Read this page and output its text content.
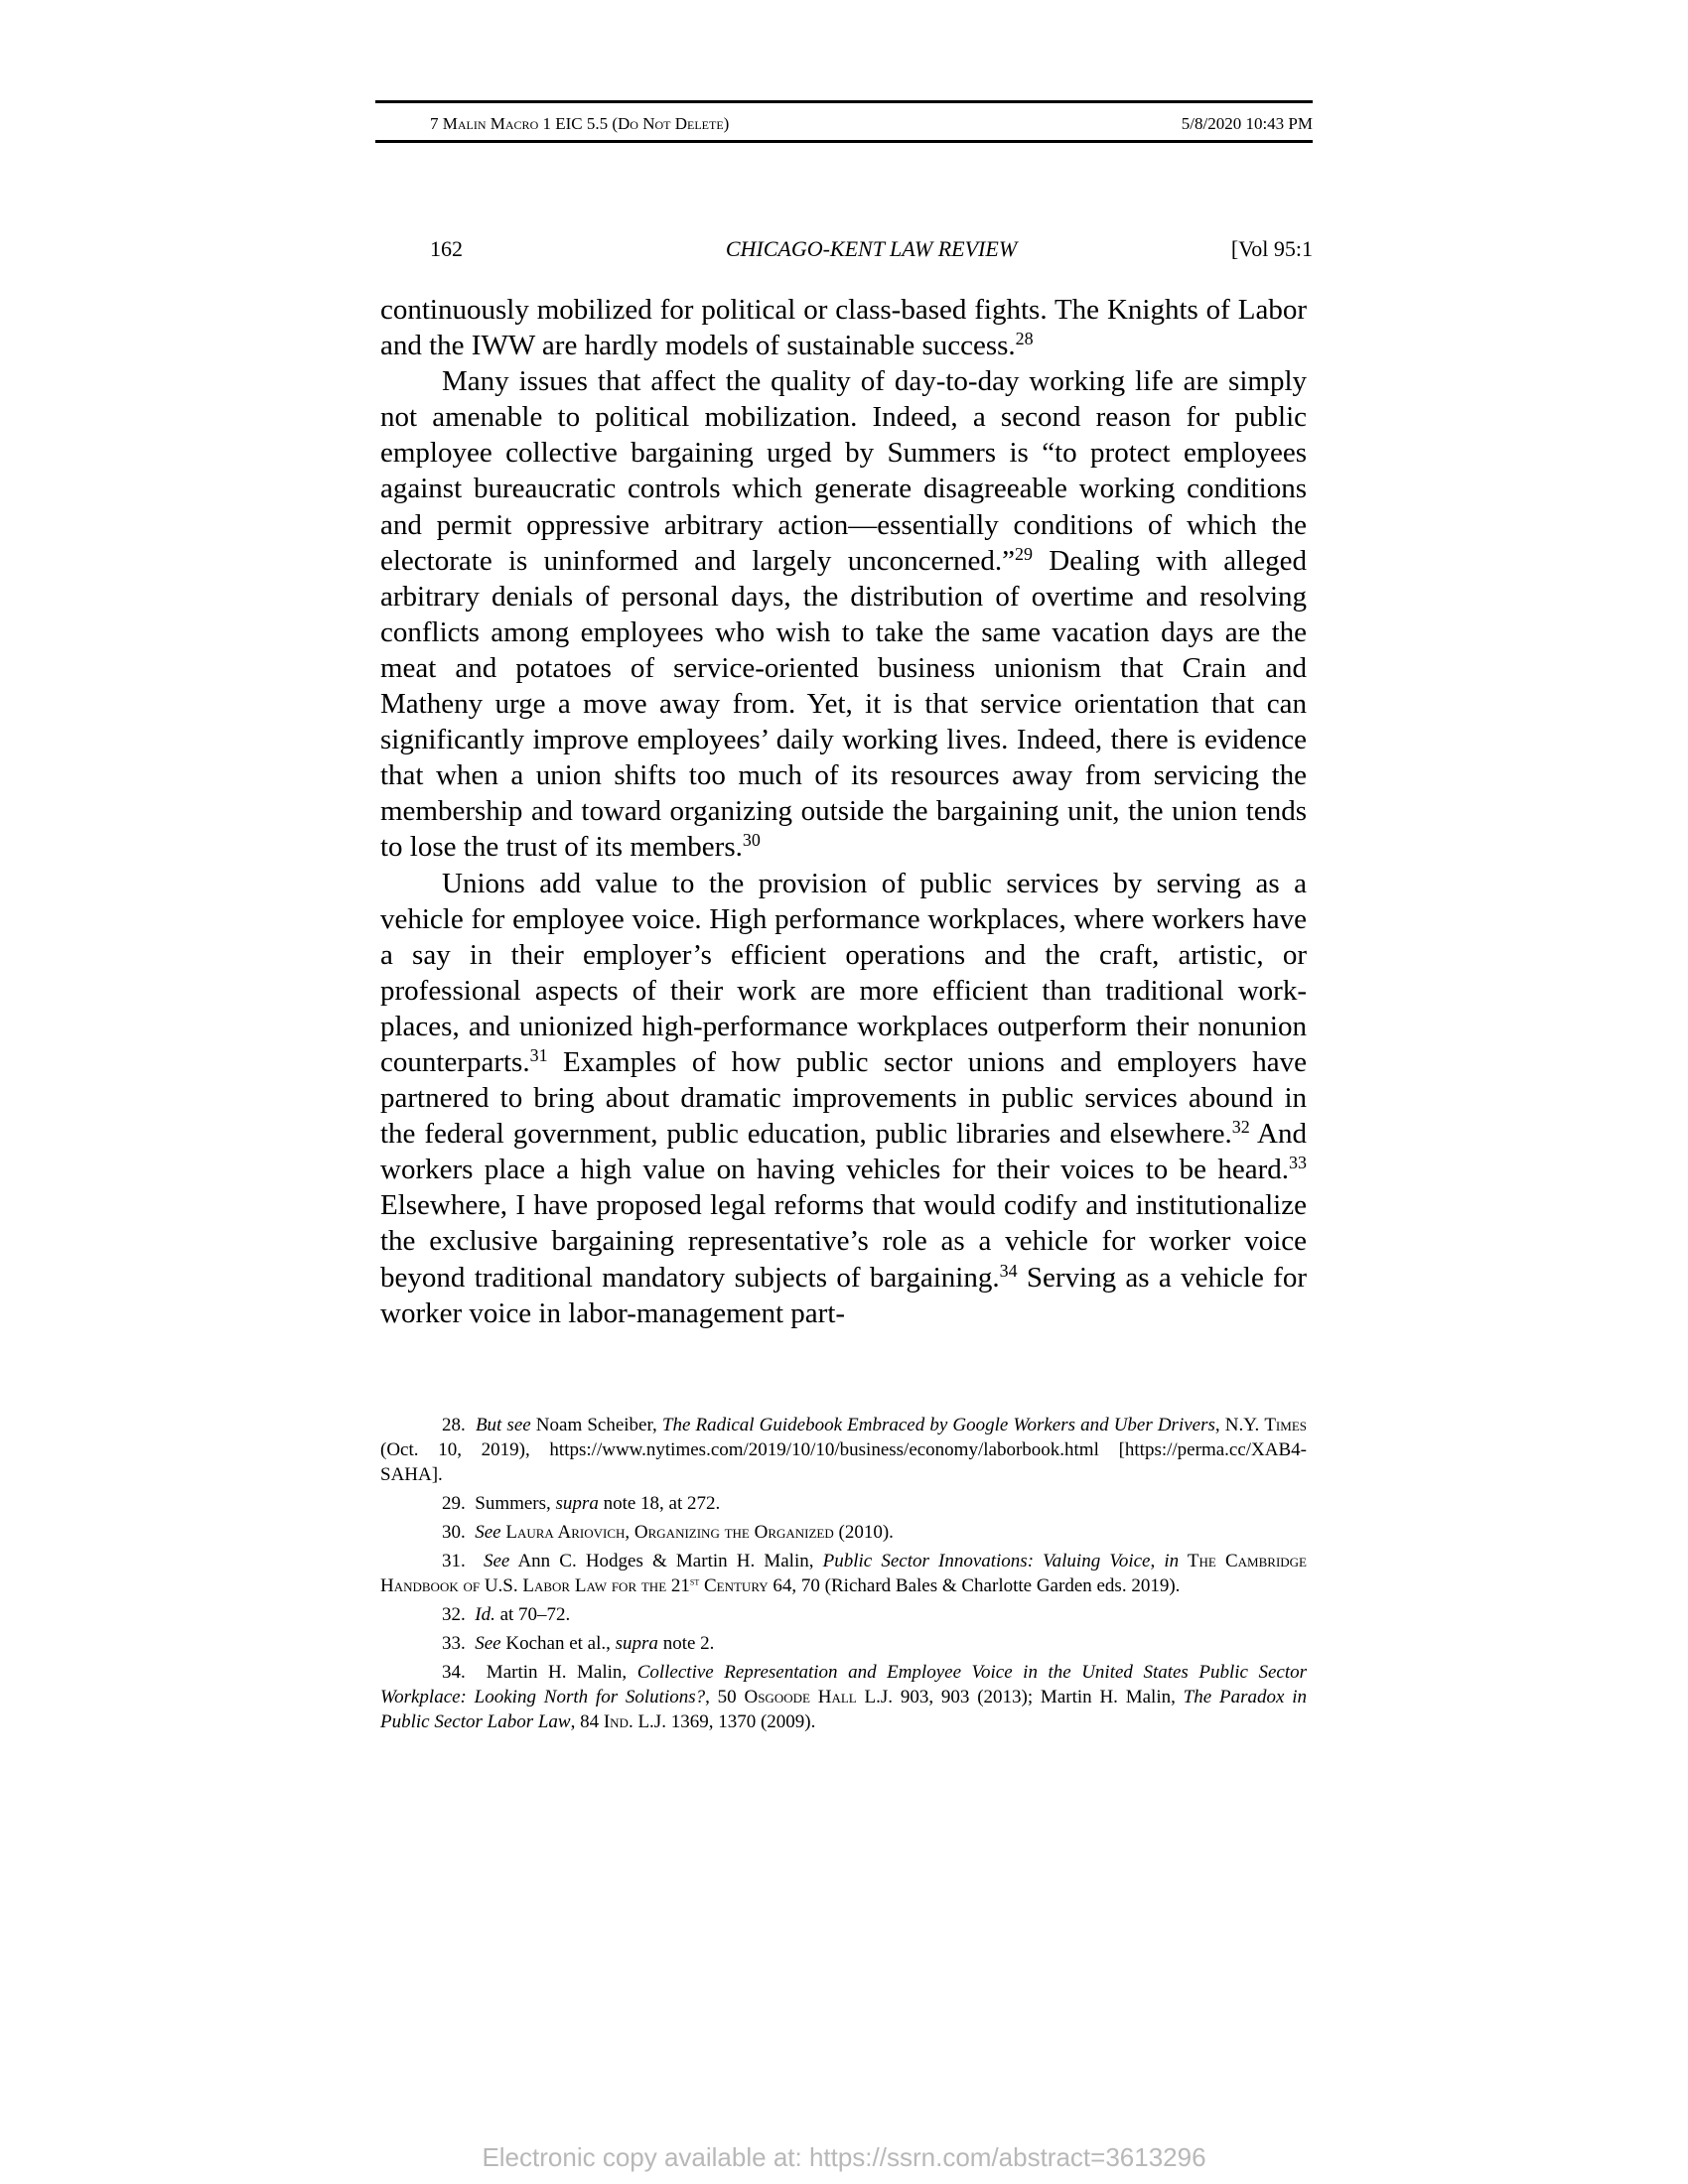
7 Malin Macro 1 EIC 5.5 (Do Not Delete)	5/8/2020 10:43 PM
162	CHICAGO-KENT LAW REVIEW	[Vol 95:1

continuously mobilized for political or class-based fights. The Knights of Labor and the IWW are hardly models of sustainable success.$^{28}$

Many issues that affect the quality of day-to-day working life are simply not amenable to political mobilization. Indeed, a second reason for public employee collective bargaining urged by Summers is “to protect employees against bureaucratic controls which generate disagreeable working conditions and permit oppressive arbitrary action—essentially conditions of which the electorate is uninformed and largely unconcerned.”$^{29}$ Dealing with alleged arbitrary denials of personal days, the distribution of overtime and resolving conflicts among employees who wish to take the same vacation days are the meat and potatoes of service-oriented business unionism that Crain and Matheny urge a move away from. Yet, it is that service orientation that can significantly improve employees’ daily working lives. Indeed, there is evidence that when a union shifts too much of its resources away from servicing the membership and toward organizing outside the bargaining unit, the union tends to lose the trust of its members.$^{30}$

Unions add value to the provision of public services by serving as a vehicle for employee voice. High performance workplaces, where workers have a say in their employer’s efficient operations and the craft, artistic, or professional aspects of their work are more efficient than traditional workplaces, and unionized high-performance workplaces outperform their nonunion counterparts.$^{31}$ Examples of how public sector unions and employers have partnered to bring about dramatic improvements in public services abound in the federal government, public education, public libraries and elsewhere.$^{32}$ And workers place a high value on having vehicles for their voices to be heard.$^{33}$ Elsewhere, I have proposed legal reforms that would codify and institutionalize the exclusive bargaining representative’s role as a vehicle for worker voice beyond traditional mandatory subjects of bargaining.$^{34}$ Serving as a vehicle for worker voice in labor-management part-

28. But see Noam Scheiber, The Radical Guidebook Embraced by Google Workers and Uber Drivers, N.Y. Times (Oct. 10, 2019), https://www.nytimes.com/2019/10/10/business/economy/laborbook.html [https://perma.cc/XAB4-SAHA].

29. Summers, supra note 18, at 272.

30. See Laura Ariovich, Organizing the Organized (2010).

31. See Ann C. Hodges & Martin H. Malin, Public Sector Innovations: Valuing Voice, in The Cambridge Handbook of U.S. Labor Law for the 21st Century 64, 70 (Richard Bales & Charlotte Garden eds. 2019).

32. Id. at 70–72.

33. See Kochan et al., supra note 2.

34. Martin H. Malin, Collective Representation and Employee Voice in the United States Public Sector Workplace: Looking North for Solutions?, 50 Osgoode Hall L.J. 903, 903 (2013); Martin H. Malin, The Paradox in Public Sector Labor Law, 84 Ind. L.J. 1369, 1370 (2009).

Electronic copy available at: https://ssrn.com/abstract=3613296
